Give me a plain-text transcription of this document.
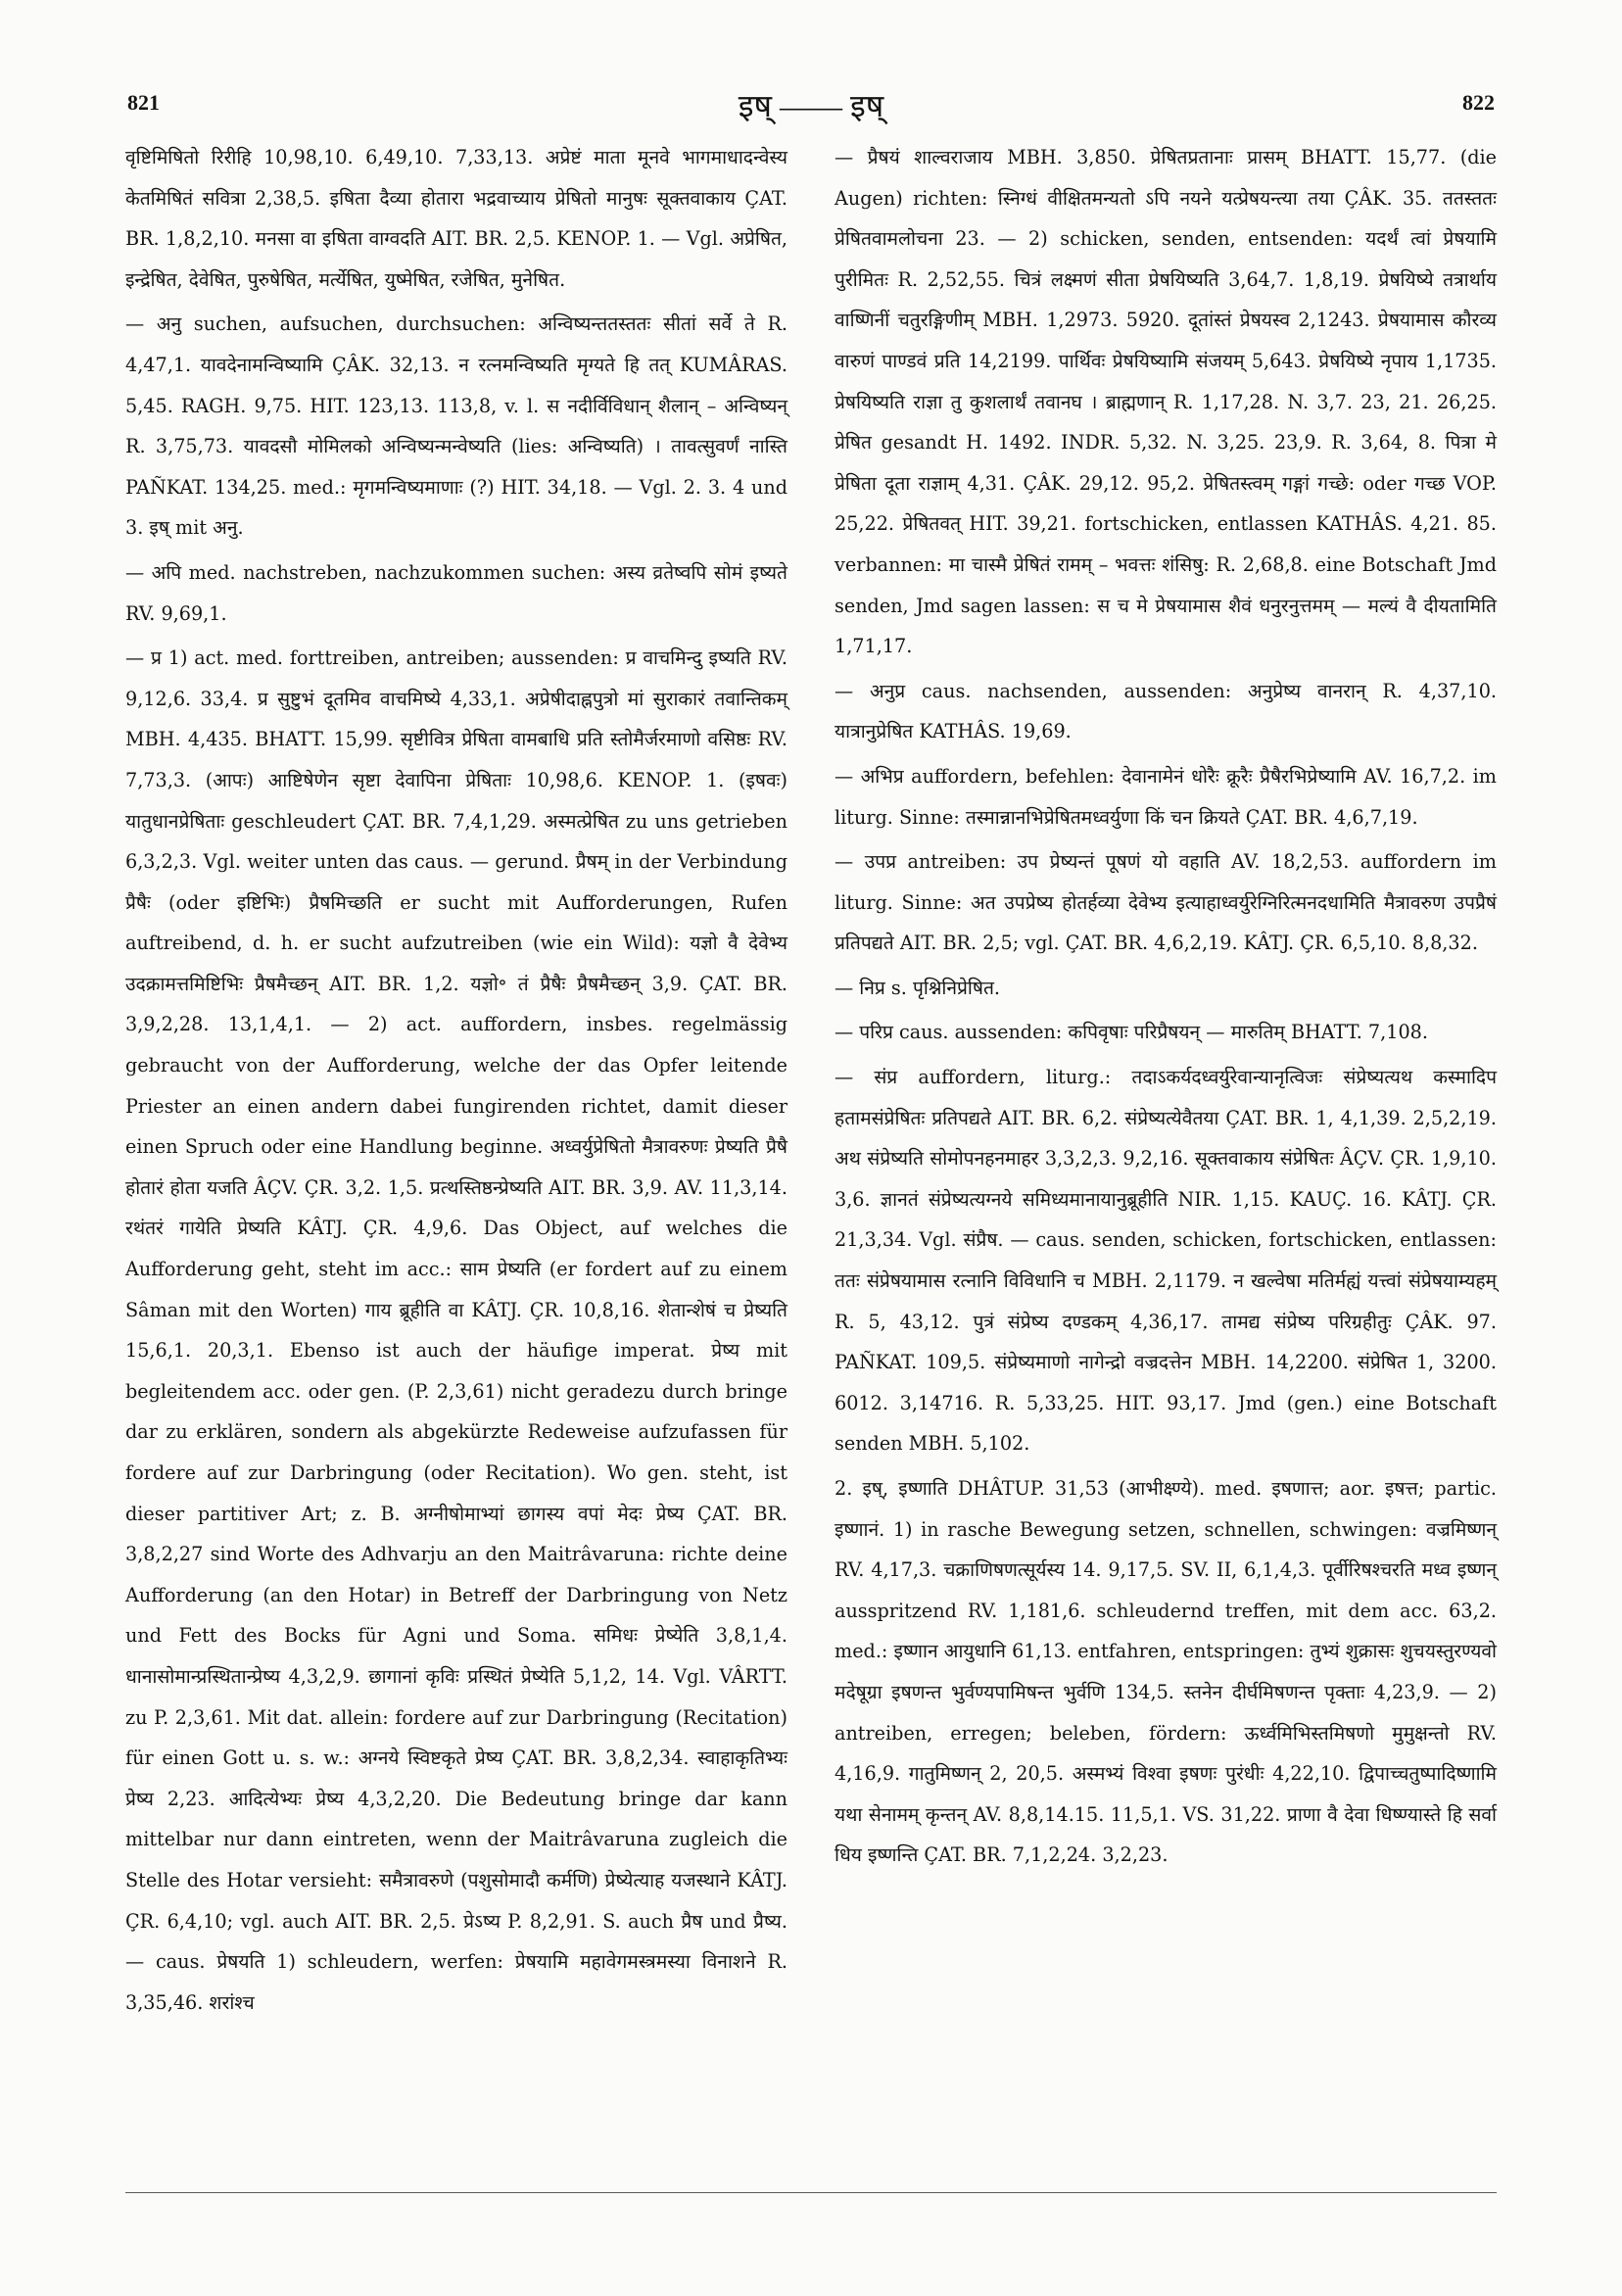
821	इष् —— इष्	822

वृष्टिमिषितो रिरीहि 10,98,10. 6,49,10. 7,33,13. अप्रेष्टं माता मूनवे भागमाधादन्वेस्य केतमिषितं सवित्रा 2,38,5. इषिता दैव्या होतारा भद्रवाच्याय प्रेषितो मानुषः सूक्तवाकाय ÇAT. BR. 1,8,2,10. मनसा वा इषिता वाग्वदति AIT. BR. 2,5. KENOP. 1. — Vgl. अप्रेषित, इन्द्रेषित, देवेषित, पुरुषेषित, मर्त्येषित, युष्मेषित, रजेषित, मुनेषित.

— अनु suchen, aufsuchen, durchsuchen: अन्विष्यन्ततस्ततः सीतां सर्वे ते R. 4,47,1. यावदेनामन्विष्यामि ÇÂK. 32,13. न रत्नमन्विष्यति मृग्यते हि तत् KUMÂRAS. 5,45. RAGH. 9,75. HIT. 123,13. 113,8, v. l. स नदीर्विविधान् शैलान् – अन्विष्यन् R. 3,75,73. यावदसौ मोमिलको अन्विष्यन्मन्वेष्यति (lies: अन्विष्यति) । तावत्सुवर्णं नास्ति PAÑKAT. 134,25. med.: मृगमन्विष्यमाणाः (?) HIT. 34,18. — Vgl. 2. 3. 4 und 3. इष् mit अनु.

— अपि med. nachstreben, nachzukommen suchen: अस्य व्रतेष्वपि सोमं इष्यते RV. 9,69,1.

— प्र 1) act. med. forttreiben, antreiben; aussenden: प्र वाचमिन्दु इष्यति RV. 9,12,6. 33,4. प्र सुष्टुभं दूतमिव वाचमिष्ये 4,33,1. अप्रेषीदाह्नपुत्रो मां सुराकारं तवान्तिकम् MBH. 4,435. BHATT. 15,99. सृष्टीवित्र प्रेषिता वामबाधि प्रति स्तोमैर्जरमाणो वसिष्ठः RV. 7,73,3. (आपः) आष्टिषेणेन सृष्टा देवापिना प्रेषिताः 10,98,6. KENOP. 1. (इषवः) यातुधानप्रेषिताः geschleudert ÇAT. BR. 7,4,1,29. अस्मत्प्रेषित zu uns getrieben 6,3,2,3. Vgl. weiter unten das caus. — gerund. प्रैषम् in der Verbindung प्रैषैः (oder इष्टिभिः) प्रैषमिच्छति er sucht mit Aufforderungen, Rufen auftreibend, d. h. er sucht aufzutreiben (wie ein Wild): यज्ञो वै देवेभ्य उदक्रामत्तमिष्टिभिः प्रैषमैच्छन् AIT. BR. 1,2. यज्ञो॰ तं प्रैषैः प्रैषमैच्छन् 3,9. ÇAT. BR. 3,9,2,28. 13,1,4,1. — 2) act. auffordern, insbes. regelmässig gebraucht von der Aufforderung, welche der das Opfer leitende Priester an einen andern dabei fungirenden richtet, damit dieser einen Spruch oder eine Handlung beginne. अध्वर्युप्रेषितो मैत्रावरुणः प्रेष्यति प्रैषै होतारं होता यजति ÂÇV. ÇR. 3,2. 1,5. प्रत्थस्तिष्ठन्प्रेष्यति AIT. BR. 3,9. AV. 11,3,14. रथंतरं गायेति प्रेष्यति KÂTJ. ÇR. 4,9,6. Das Object, auf welches die Aufforderung geht, steht im acc.: साम प्रेष्यति (er fordert auf zu einem Sâman mit den Worten) गाय ब्रूहीति वा KÂTJ. ÇR. 10,8,16. शेतान्शेषं च प्रेष्यति 15,6,1. 20,3,1. Ebenso ist auch der häufige imperat. प्रेष्य mit begleitendem acc. oder gen. (P. 2,3,61) nicht geradezu durch bringe dar zu erklären, sondern als abgekürzte Redeweise aufzufassen für fordere auf zur Darbringung (oder Recitation). Wo gen. steht, ist dieser partitiver Art; z. B. अग्नीषोमाभ्यां छागस्य वपां मेदः प्रेष्य ÇAT. BR. 3,8,2,27 sind Worte des Adhvarju an den Maitrâvaruna: richte deine Aufforderung (an den Hotar) in Betreff der Darbringung von Netz und Fett des Bocks für Agni und Soma. समिधः प्रेष्येति 3,8,1,4. धानासोमान्प्रस्थितान्प्रेष्य 4,3,2,9. छागानां कृविः प्रस्थितं प्रेष्येति 5,1,2, 14. Vgl. VÂRTT. zu P. 2,3,61. Mit dat. allein: fordere auf zur Darbringung (Recitation) für einen Gott u. s. w.: अग्नये स्विष्टकृते प्रेष्य ÇAT. BR. 3,8,2,34. स्वाहाकृतिभ्यः प्रेष्य 2,23. आदित्येभ्यः प्रेष्य 4,3,2,20. Die Bedeutung bringe dar kann mittelbar nur dann eintreten, wenn der Maitrâvaruna zugleich die Stelle des Hotar versieht: समैत्रावरुणे (पशुसोमादौ कर्मणि) प्रेष्येत्याह यजस्थाने KÂTJ. ÇR. 6,4,10; vgl. auch AIT. BR. 2,5. प्रेऽष्य P. 8,2,91. S. auch प्रैष und प्रैष्य. — caus. प्रेषयति 1) schleudern, werfen: प्रेषयामि महावेगमस्त्रमस्या विनाशने R. 3,35,46. शरांश्च

— प्रैषयं शाल्वराजाय MBH. 3,850. प्रेषितप्रतानाः प्रासम् BHATT. 15,77. (die Augen) richten: स्निग्धं वीक्षितमन्यतो ऽपि नयने यत्प्रेषयन्त्या तया ÇÂK. 35. ततस्ततः प्रेषितवामलोचना 23. — 2) schicken, senden, entsenden: यदर्थं त्वां प्रेषयामि पुरीमितः R. 2,52,55. चित्रं लक्ष्मणं सीता प्रेषयिष्यति 3,64,7. 1,8,19. प्रेषयिष्ये तत्रार्थाय वाष्णिनीं चतुरङ्गिणीम् MBH. 1,2973. 5920. दूतांस्तं प्रेषयस्व 2,1243. प्रेषयामास कौरव्य वारुणं पाण्डवं प्रति 14,2199. पार्थिवः प्रेषयिष्यामि संजयम् 5,643. प्रेषयिष्ये नृपाय 1,1735. प्रेषयिष्यति राज्ञा तु कुशलार्थं तवानघ । ब्राह्मणान् R. 1,17,28. N. 3,7. 23, 21. 26,25. प्रेषित gesandt H. 1492. INDR. 5,32. N. 3,25. 23,9. R. 3,64, 8. पित्रा मे प्रेषिता दूता राज्ञाम् 4,31. ÇÂK. 29,12. 95,2. प्रेषितस्त्वम् गङ्गां गच्छे: oder गच्छ VOP. 25,22. प्रेषितवत् HIT. 39,21. fortschicken, entlassen KATHÂS. 4,21. 85. verbannen: मा चास्मै प्रेषितं रामम् – भवत्तः शंसिषु: R. 2,68,8. eine Botschaft Jmd senden, Jmd sagen lassen: स च मे प्रेषयामास शैवं धनुरनुत्तमम् — मल्यं वै दीयतामिति 1,71,17.

— अनुप्र caus. nachsenden, aussenden: अनुप्रेष्य वानरान् R. 4,37,10. यात्रानुप्रेषित KATHÂS. 19,69.

— अभिप्र auffordern, befehlen: देवानामेनं धोरैः क्रूरैः प्रैषैरभिप्रेष्यामि AV. 16,7,2. im liturg. Sinne: तस्मान्नानभिप्रेषितमध्वर्युणा किं चन क्रियते ÇAT. BR. 4,6,7,19.

— उपप्र antreiben: उप प्रेष्यन्तं पूषणं यो वहाति AV. 18,2,53. auffordern im liturg. Sinne: अत उपप्रेष्य होतर्हव्या देवेभ्य इत्याहाध्वर्युरेग्निरित्मनदधामिति मैत्रावरुण उपप्रैषं प्रतिपद्यते AIT. BR. 2,5; vgl. ÇAT. BR. 4,6,2,19. KÂTJ. ÇR. 6,5,10. 8,8,32.

— निप्र s. पृश्निनिप्रेषित.

— परिप्र caus. aussenden: कपिवृषाः परिप्रैषयन् — मारुतिम् BHATT. 7,108.

— संप्र auffordern, liturg.: तदाऽकर्यदध्वर्युरेवान्यानृत्विजः संप्रेष्यत्यथ कस्मादिप हतामसंप्रेषितः प्रतिपद्यते AIT. BR. 6,2. संप्रेष्यत्येवैतया ÇAT. BR. 1, 4,1,39. 2,5,2,19. अथ संप्रेष्यति सोमोपनहनमाहर 3,3,2,3. 9,2,16. सूक्तवाकाय संप्रेषितः ÂÇV. ÇR. 1,9,10. 3,6. ज्ञानतं संप्रेष्यत्यग्नये समिध्यमानायानुब्रूहीति NIR. 1,15. KAUÇ. 16. KÂTJ. ÇR. 21,3,34. Vgl. संप्रैष. — caus. senden, schicken, fortschicken, entlassen: ततः संप्रेषयामास रत्नानि विविधानि च MBH. 2,1179. न खल्वेषा मतिर्मह्यं यत्त्वां संप्रेषयाम्यहम् R. 5, 43,12. पुत्रं संप्रेष्य दण्डकम् 4,36,17. तामद्य संप्रेष्य परिग्रहीतुः ÇÂK. 97. PAÑKAT. 109,5. संप्रेष्यमाणो नागेन्द्रो वज्रदत्तेन MBH. 14,2200. संप्रेषित 1, 3200. 6012. 3,14716. R. 5,33,25. HIT. 93,17. Jmd (gen.) eine Botschaft senden MBH. 5,102.

2. इष्, इष्णाति DHÂTUP. 31,53 (आभीक्ष्ण्ये). med. इषणात्त; aor. इषत्त; partic. इष्णानं. 1) in rasche Bewegung setzen, schnellen, schwingen: वज्रमिष्णन् RV. 4,17,3. चक्राणिषणत्सूर्यस्य 14. 9,17,5. SV. II, 6,1,4,3. पूर्वीरिषश्चरति मध्व इष्णन् ausspritzend RV. 1,181,6. schleudernd treffen, mit dem acc. 63,2. med.: इष्णान आयुधानि 61,13. entfahren, entspringen: तुभ्यं शुक्रासः शुचयस्तुरण्यवो मदेषूग्रा इषणन्त भुर्वण्यपामिषन्त भुर्वणि 134,5. स्तनेन दीर्घमिषणन्त पृक्ताः 4,23,9. — 2) antreiben, erregen; beleben, fördern: ऊर्ध्वमिभिस्तमिषणो मुमुक्षन्तो RV. 4,16,9. गातुमिष्णन् 2, 20,5. अस्मभ्यं विश्वा इषणः पुरंधीः 4,22,10. द्विपाच्चतुष्पादिष्णामि यथा सेनामम् कृन्तन् AV. 8,8,14.15. 11,5,1. VS. 31,22. प्राणा वै देवा धिष्ण्यास्ते हि सर्वा धिय इष्णन्ति ÇAT. BR. 7,1,2,24. 3,2,23.
